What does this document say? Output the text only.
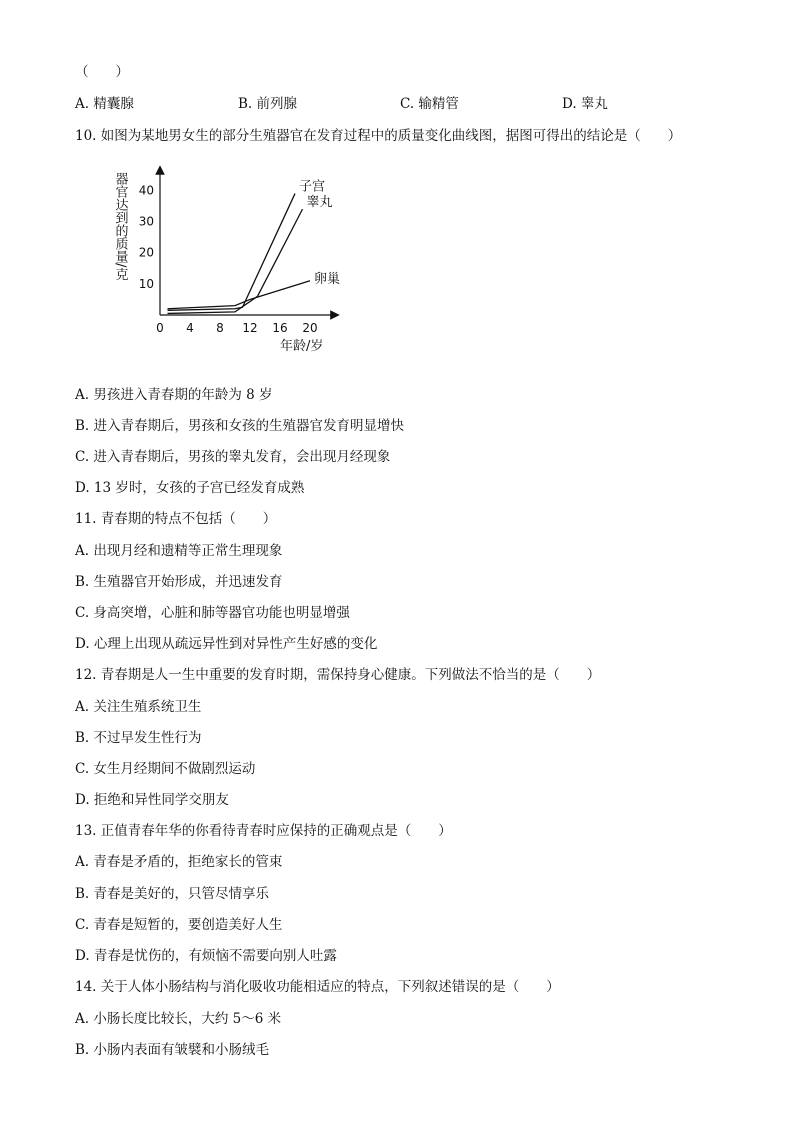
（　　）
A. 精囊腺	B. 前列腺	C. 输精管	D. 睾丸
10. 如图为某地男女生的部分生殖器官在发育过程中的质量变化曲线图，据图可得出的结论是（　　）
0 4 8 12 16 20
10
20
30
40	子宫
睾丸
卵巢
器官达到的质量/克
年龄/岁
A. 男孩进入青春期的年龄为 8 岁
B. 进入青春期后，男孩和女孩的生殖器官发育明显增快
C. 进入青春期后，男孩的睾丸发育，会出现月经现象
D. 13 岁时，女孩的子宫已经发育成熟
11. 青春期的特点不包括（　　）
A. 出现月经和遗精等正常生理现象
B. 生殖器官开始形成，并迅速发育
C. 身高突增，心脏和肺等器官功能也明显增强
D. 心理上出现从疏远异性到对异性产生好感的变化
12. 青春期是人一生中重要的发育时期，需保持身心健康。下列做法不恰当的是（　　）
A. 关注生殖系统卫生
B. 不过早发生性行为
C. 女生月经期间不做剧烈运动
D. 拒绝和异性同学交朋友
13. 正值青春年华的你看待青春时应保持的正确观点是（　　）
A. 青春是矛盾的，拒绝家长的管束
B. 青春是美好的，只管尽情享乐
C. 青春是短暂的，要创造美好人生
D. 青春是忧伤的，有烦恼不需要向别人吐露
14. 关于人体小肠结构与消化吸收功能相适应的特点，下列叙述错误的是（　　）
A. 小肠长度比较长，大约 5～6 米
B. 小肠内表面有皱襞和小肠绒毛
